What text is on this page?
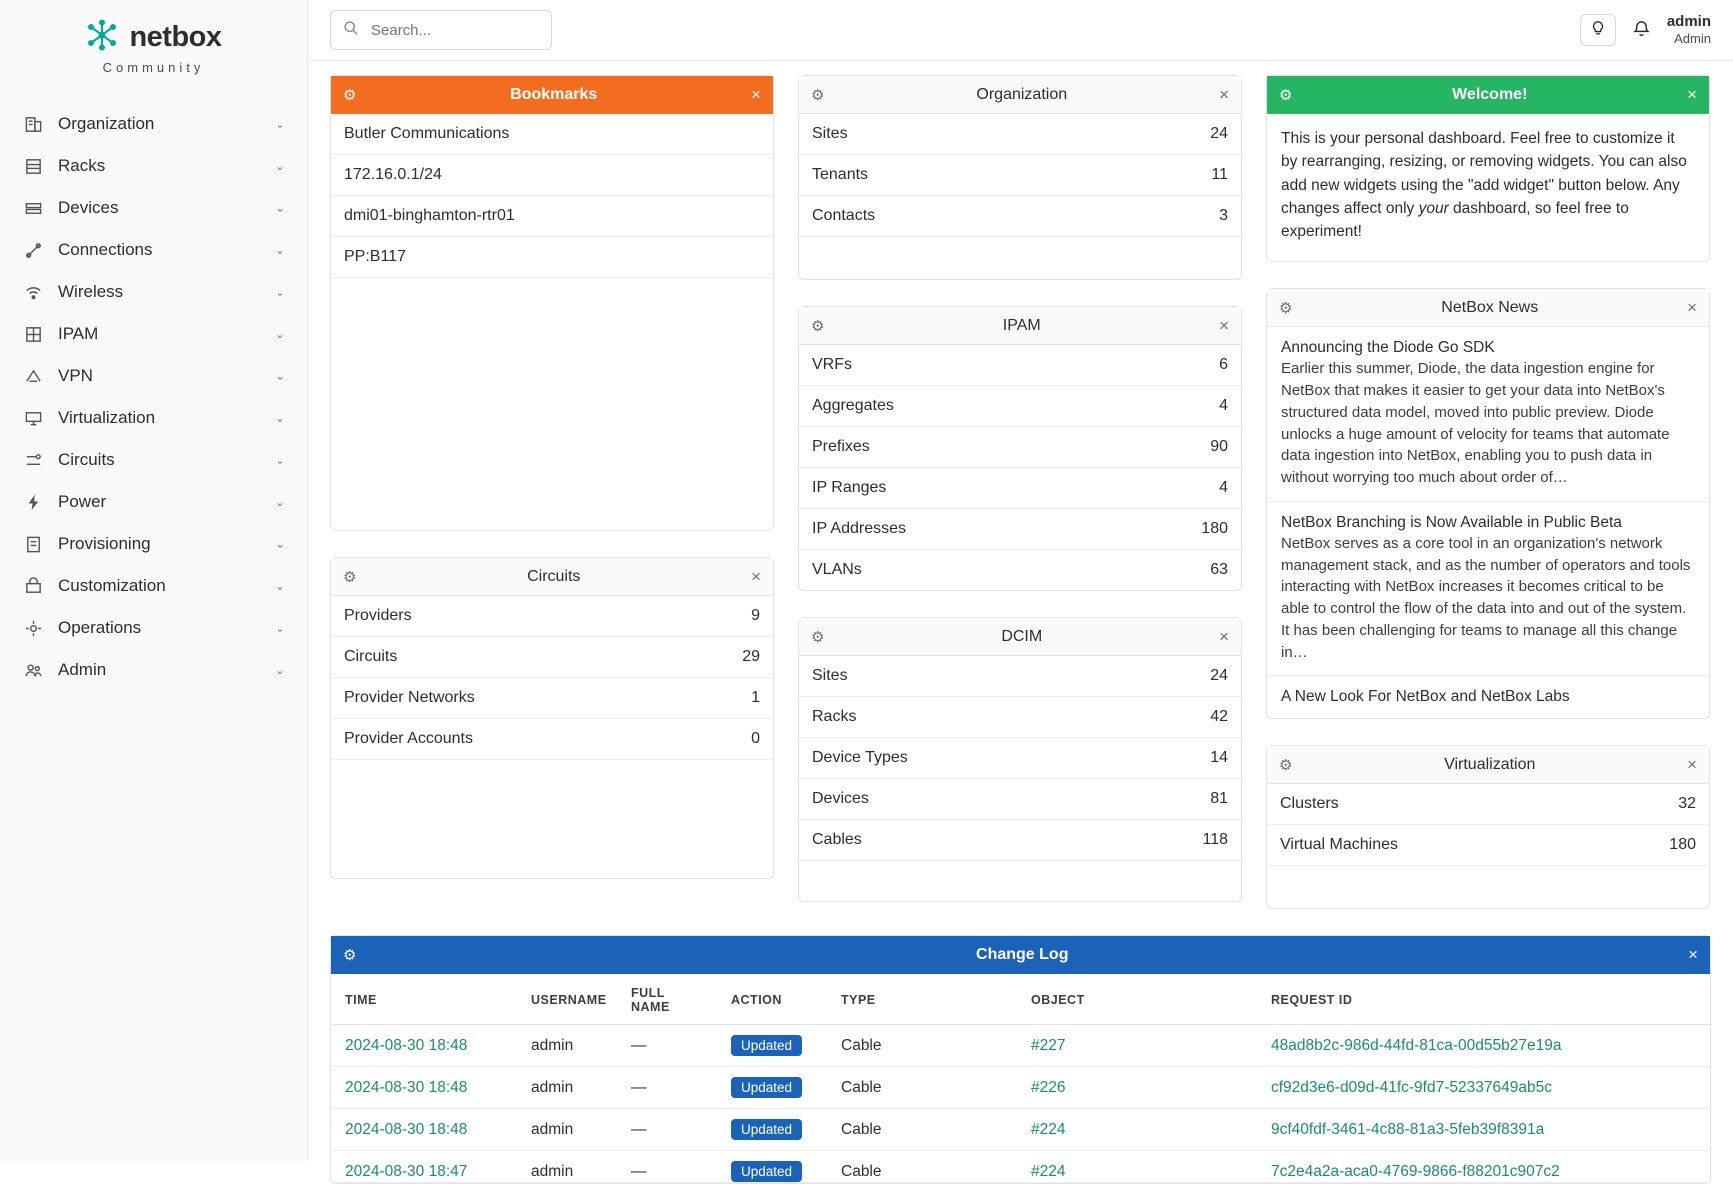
netbox
Community
Organization	⌄
Racks	⌄
Devices	⌄
Connections	⌄
Wireless	⌄
IPAM	⌄
VPN	⌄
Virtualization	⌄
Circuits	⌄
Power	⌄
Provisioning	⌄
Customization	⌄
Operations	⌄
Admin	⌄
Search...
admin
Admin
⚙	Bookmarks	×
Butler Communications
172.16.0.1/24
dmi01-binghamton-rtr01
PP:B117
⚙	Circuits	×
Providers	9
Circuits	29
Provider Networks	1
Provider Accounts	0
⚙	Organization	×
Sites	24
Tenants	11
Contacts	3
⚙	IPAM	×
VRFs	6
Aggregates	4
Prefixes	90
IP Ranges	4
IP Addresses	180
VLANs	63
⚙	DCIM	×
Sites	24
Racks	42
Device Types	14
Devices	81
Cables	118
⚙	Welcome!	×
This is your personal dashboard. Feel free to customize it by rearranging, resizing, or removing widgets. You can also add new widgets using the "add widget" button below. Any changes affect only your dashboard, so feel free to experiment!
⚙	NetBox News	×
Announcing the Diode Go SDK
Earlier this summer, Diode, the data ingestion engine for NetBox that makes it easier to get your data into NetBox's structured data model, moved into public preview. Diode unlocks a huge amount of velocity for teams that automate data ingestion into NetBox, enabling you to push data in without worrying too much about order of…
NetBox Branching is Now Available in Public Beta
NetBox serves as a core tool in an organization's network management stack, and as the number of operators and tools interacting with NetBox increases it becomes critical to be able to control the flow of the data into and out of the system. It has been challenging for teams to manage all this change in…
A New Look For NetBox and NetBox Labs
⚙	Virtualization	×
Clusters	32
Virtual Machines	180
⚙	Change Log	×
TIME	USERNAME	FULL NAME	ACTION	TYPE	OBJECT	REQUEST ID
2024-08-30 18:48	admin	—	Updated	Cable	#227	48ad8b2c-986d-44fd-81ca-00d55b27e19a
2024-08-30 18:48	admin	—	Updated	Cable	#226	cf92d3e6-d09d-41fc-9fd7-52337649ab5c
2024-08-30 18:48	admin	—	Updated	Cable	#224	9cf40fdf-3461-4c88-81a3-5feb39f8391a
2024-08-30 18:47	admin	—	Updated	Cable	#224	7c2e4a2a-aca0-4769-9866-f88201c907c2
